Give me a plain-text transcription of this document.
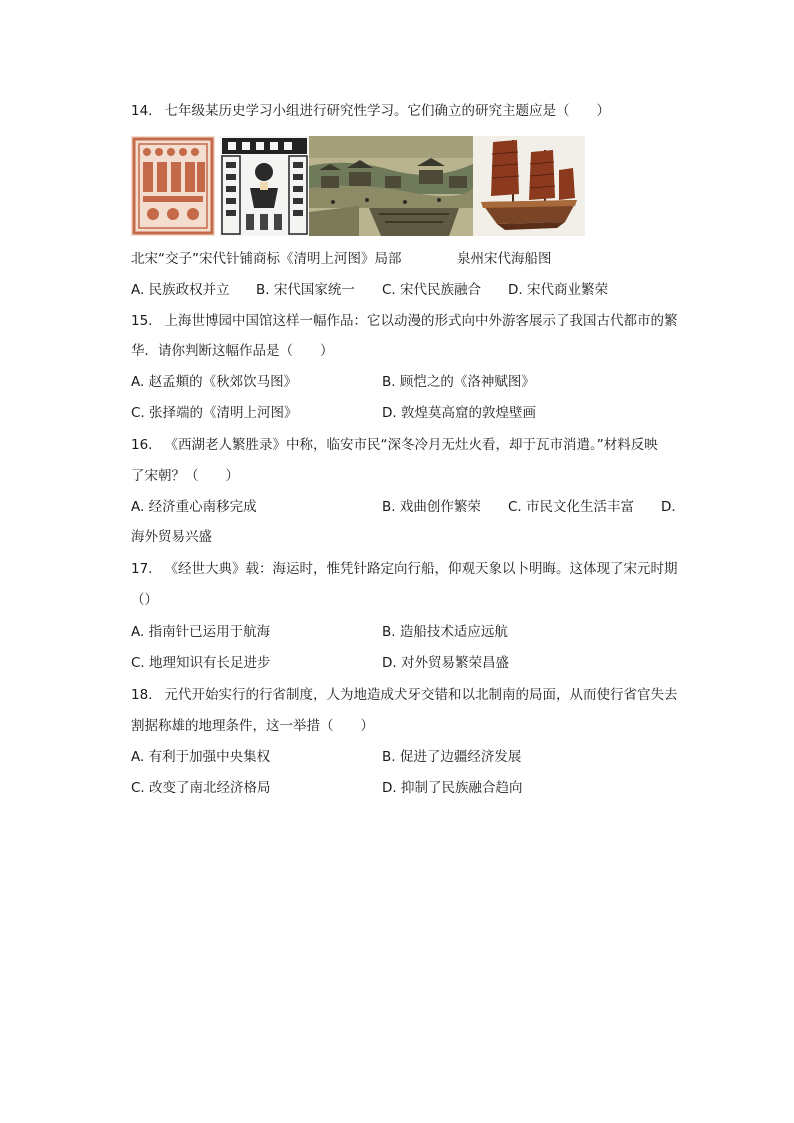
14. 七年级某历史学习小组进行研究性学习。它们确立的研究主题应是（　　）
北宋“交子”宋代针铺商标《清明上河图》局部	泉州宋代海船图
A. 民族政权并立 B. 宋代国家统一 C. 宋代民族融合 D. 宋代商业繁荣
15. 上海世博园中国馆这样一幅作品：它以动漫的形式向中外游客展示了我国古代都市的繁
华．请你判断这幅作品是（　　）
A. 赵孟頫的《秋郊饮马图》	B. 顾恺之的《洛神赋图》
C. 张择端的《清明上河图》	D. 敦煌莫高窟的敦煌壁画
16. 《西湖老人繁胜录》中称，临安市民“深冬冷月无灶火看，却于瓦市消遣。”材料反映
了宋朝？（　　）
A. 经济重心南移完成	B. 戏曲创作繁荣 C. 市民文化生活丰富 D.
海外贸易兴盛
17. 《经世大典》载：海运时，惟凭针路定向行船，仰观天象以卜明晦。这体现了宋元时期
（）
A. 指南针已运用于航海	B. 造船技术适应远航
C. 地理知识有长足进步	D. 对外贸易繁荣昌盛
18. 元代开始实行的行省制度，人为地造成犬牙交错和以北制南的局面，从而使行省官失去
割据称雄的地理条件，这一举措（　　）
A. 有利于加强中央集权	B. 促进了边疆经济发展
C. 改变了南北经济格局	D. 抑制了民族融合趋向
